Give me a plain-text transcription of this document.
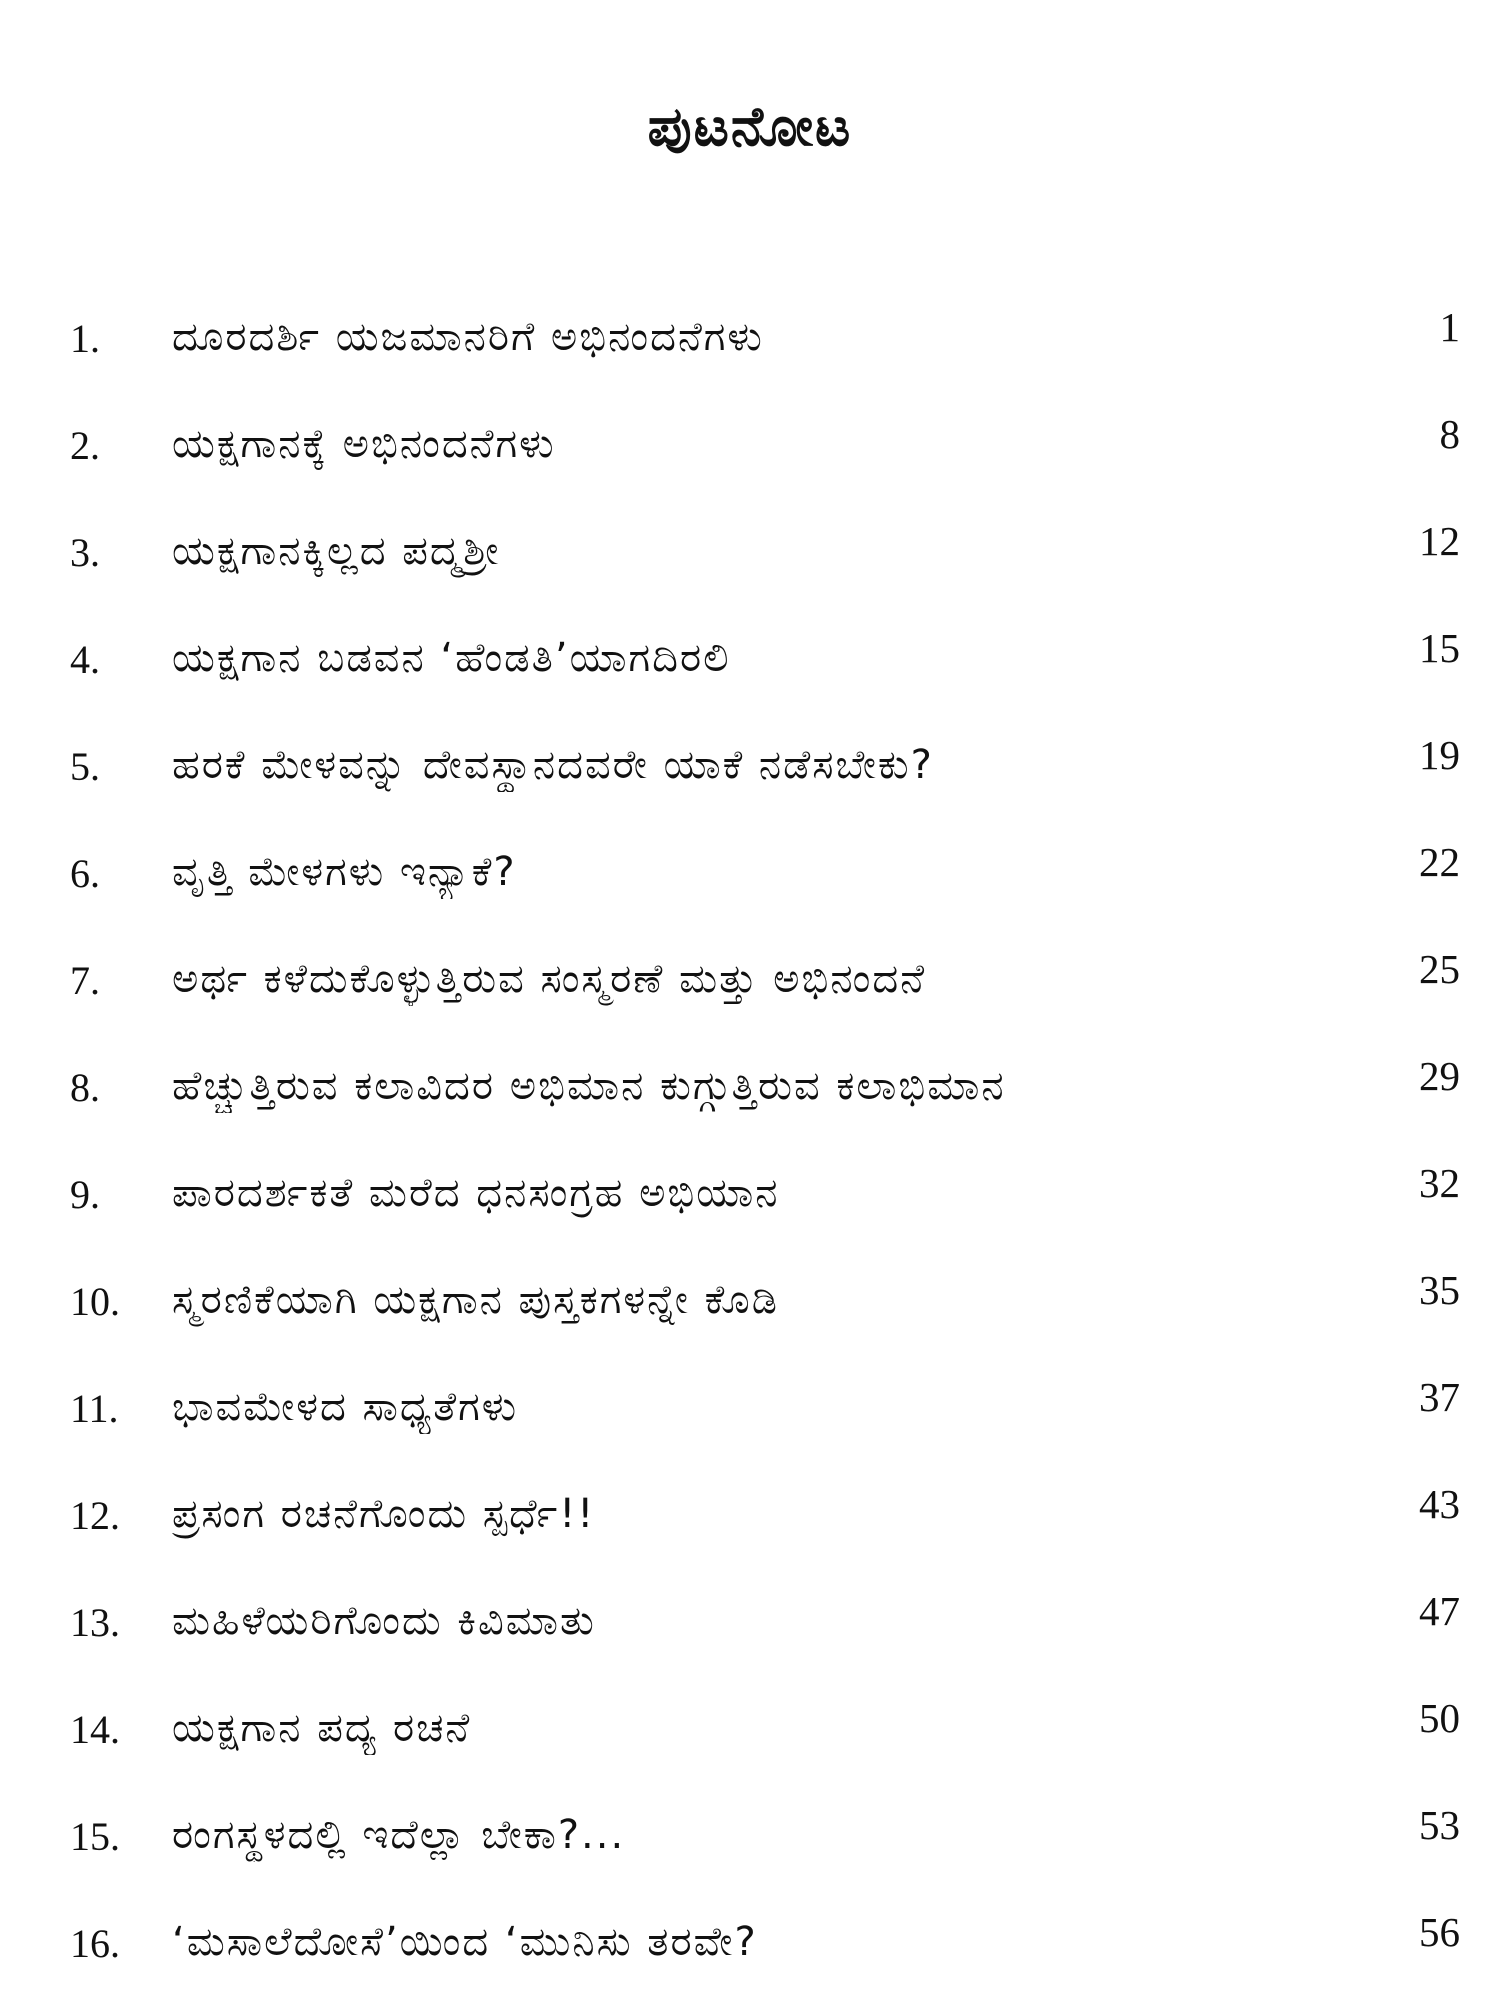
ಪುಟನೋಟ
1. ದೂರದರ್ಶಿ ಯಜಮಾನರಿಗೆ ಅಭಿನಂದನೆಗಳು	1
2. ಯಕ್ಷಗಾನಕ್ಕೆ ಅಭಿನಂದನೆಗಳು	8
3. ಯಕ್ಷಗಾನಕ್ಕಿಲ್ಲದ ಪದ್ಮಶ್ರೀ	12
4. ಯಕ್ಷಗಾನ ಬಡವನ ‘ಹೆಂಡತಿ’ಯಾಗದಿರಲಿ	15
5. ಹರಕೆ ಮೇಳವನ್ನು ದೇವಸ್ಥಾನದವರೇ ಯಾಕೆ ನಡೆಸಬೇಕು?	19
6. ವೃತ್ತಿ ಮೇಳಗಳು ಇನ್ಯಾಕೆ?	22
7. ಅರ್ಥ ಕಳೆದುಕೊಳ್ಳುತ್ತಿರುವ ಸಂಸ್ಮರಣೆ ಮತ್ತು ಅಭಿನಂದನೆ	25
8. ಹೆಚ್ಚುತ್ತಿರುವ ಕಲಾವಿದರ ಅಭಿಮಾನ ಕುಗ್ಗುತ್ತಿರುವ ಕಲಾಭಿಮಾನ	29
9. ಪಾರದರ್ಶಕತೆ ಮರೆದ ಧನಸಂಗ್ರಹ ಅಭಿಯಾನ	32
10. ಸ್ಮರಣಿಕೆಯಾಗಿ ಯಕ್ಷಗಾನ ಪುಸ್ತಕಗಳನ್ನೇ ಕೊಡಿ	35
11. ಭಾವಮೇಳದ ಸಾಧ್ಯತೆಗಳು	37
12. ಪ್ರಸಂಗ ರಚನೆಗೊಂದು ಸ್ಪರ್ಧೆ!!	43
13. ಮಹಿಳೆಯರಿಗೊಂದು ಕಿವಿಮಾತು	47
14. ಯಕ್ಷಗಾನ ಪದ್ಯ ರಚನೆ	50
15. ರಂಗಸ್ಥಳದಲ್ಲಿ ಇದೆಲ್ಲಾ ಬೇಕಾ?...	53
16. ‘ಮಸಾಲೆದೋಸೆ’ಯಿಂದ ‘ಮುನಿಸು ತರವೇ?	56
